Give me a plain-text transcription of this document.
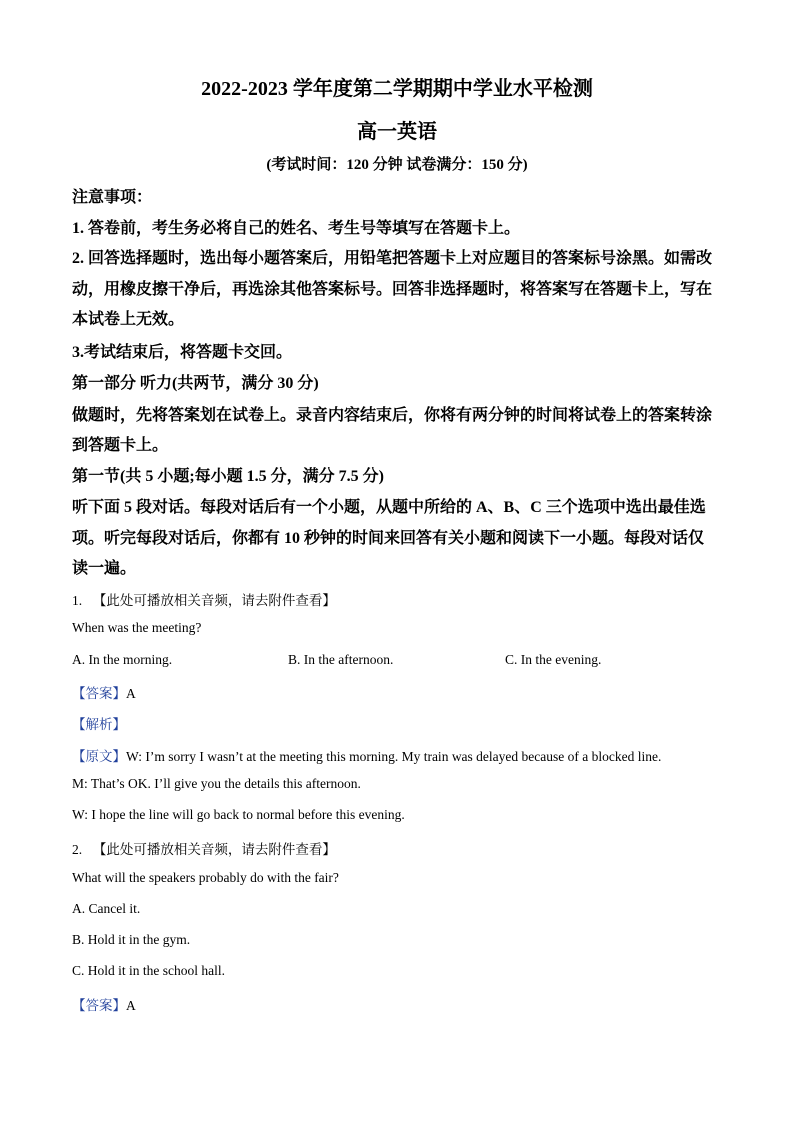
2022-2023 学年度第二学期期中学业水平检测
高一英语
(考试时间：120 分钟 试卷满分：150 分)
注意事项：
1. 答卷前，考生务必将自己的姓名、考生号等填写在答题卡上。
2. 回答选择题时，选出每小题答案后，用铅笔把答题卡上对应题目的答案标号涂黑。如需改
动，用橡皮擦干净后，再选涂其他答案标号。回答非选择题时，将答案写在答题卡上，写在
本试卷上无效。
3.考试结束后，将答题卡交回。
第一部分 听力(共两节，满分 30 分)
做题时，先将答案划在试卷上。录音内容结束后，你将有两分钟的时间将试卷上的答案转涂
到答题卡上。
第一节(共 5 小题;每小题 1.5 分，满分 7.5 分)
听下面 5 段对话。每段对话后有一个小题，从题中所给的 A、B、C 三个选项中选出最佳选
项。听完每段对话后，你都有 10 秒钟的时间来回答有关小题和阅读下一小题。每段对话仅
读一遍。
1. 【此处可播放相关音频，请去附件查看】
When was the meeting?
A. In the morning.	B. In the afternoon.	C. In the evening.
【答案】A
【解析】
【原文】W: I’m sorry I wasn’t at the meeting this morning. My train was delayed because of a blocked line.
M: That’s OK. I’ll give you the details this afternoon.
W: I hope the line will go back to normal before this evening.
2. 【此处可播放相关音频，请去附件查看】
What will the speakers probably do with the fair?
A. Cancel it.
B. Hold it in the gym.
C. Hold it in the school hall.
【答案】A
